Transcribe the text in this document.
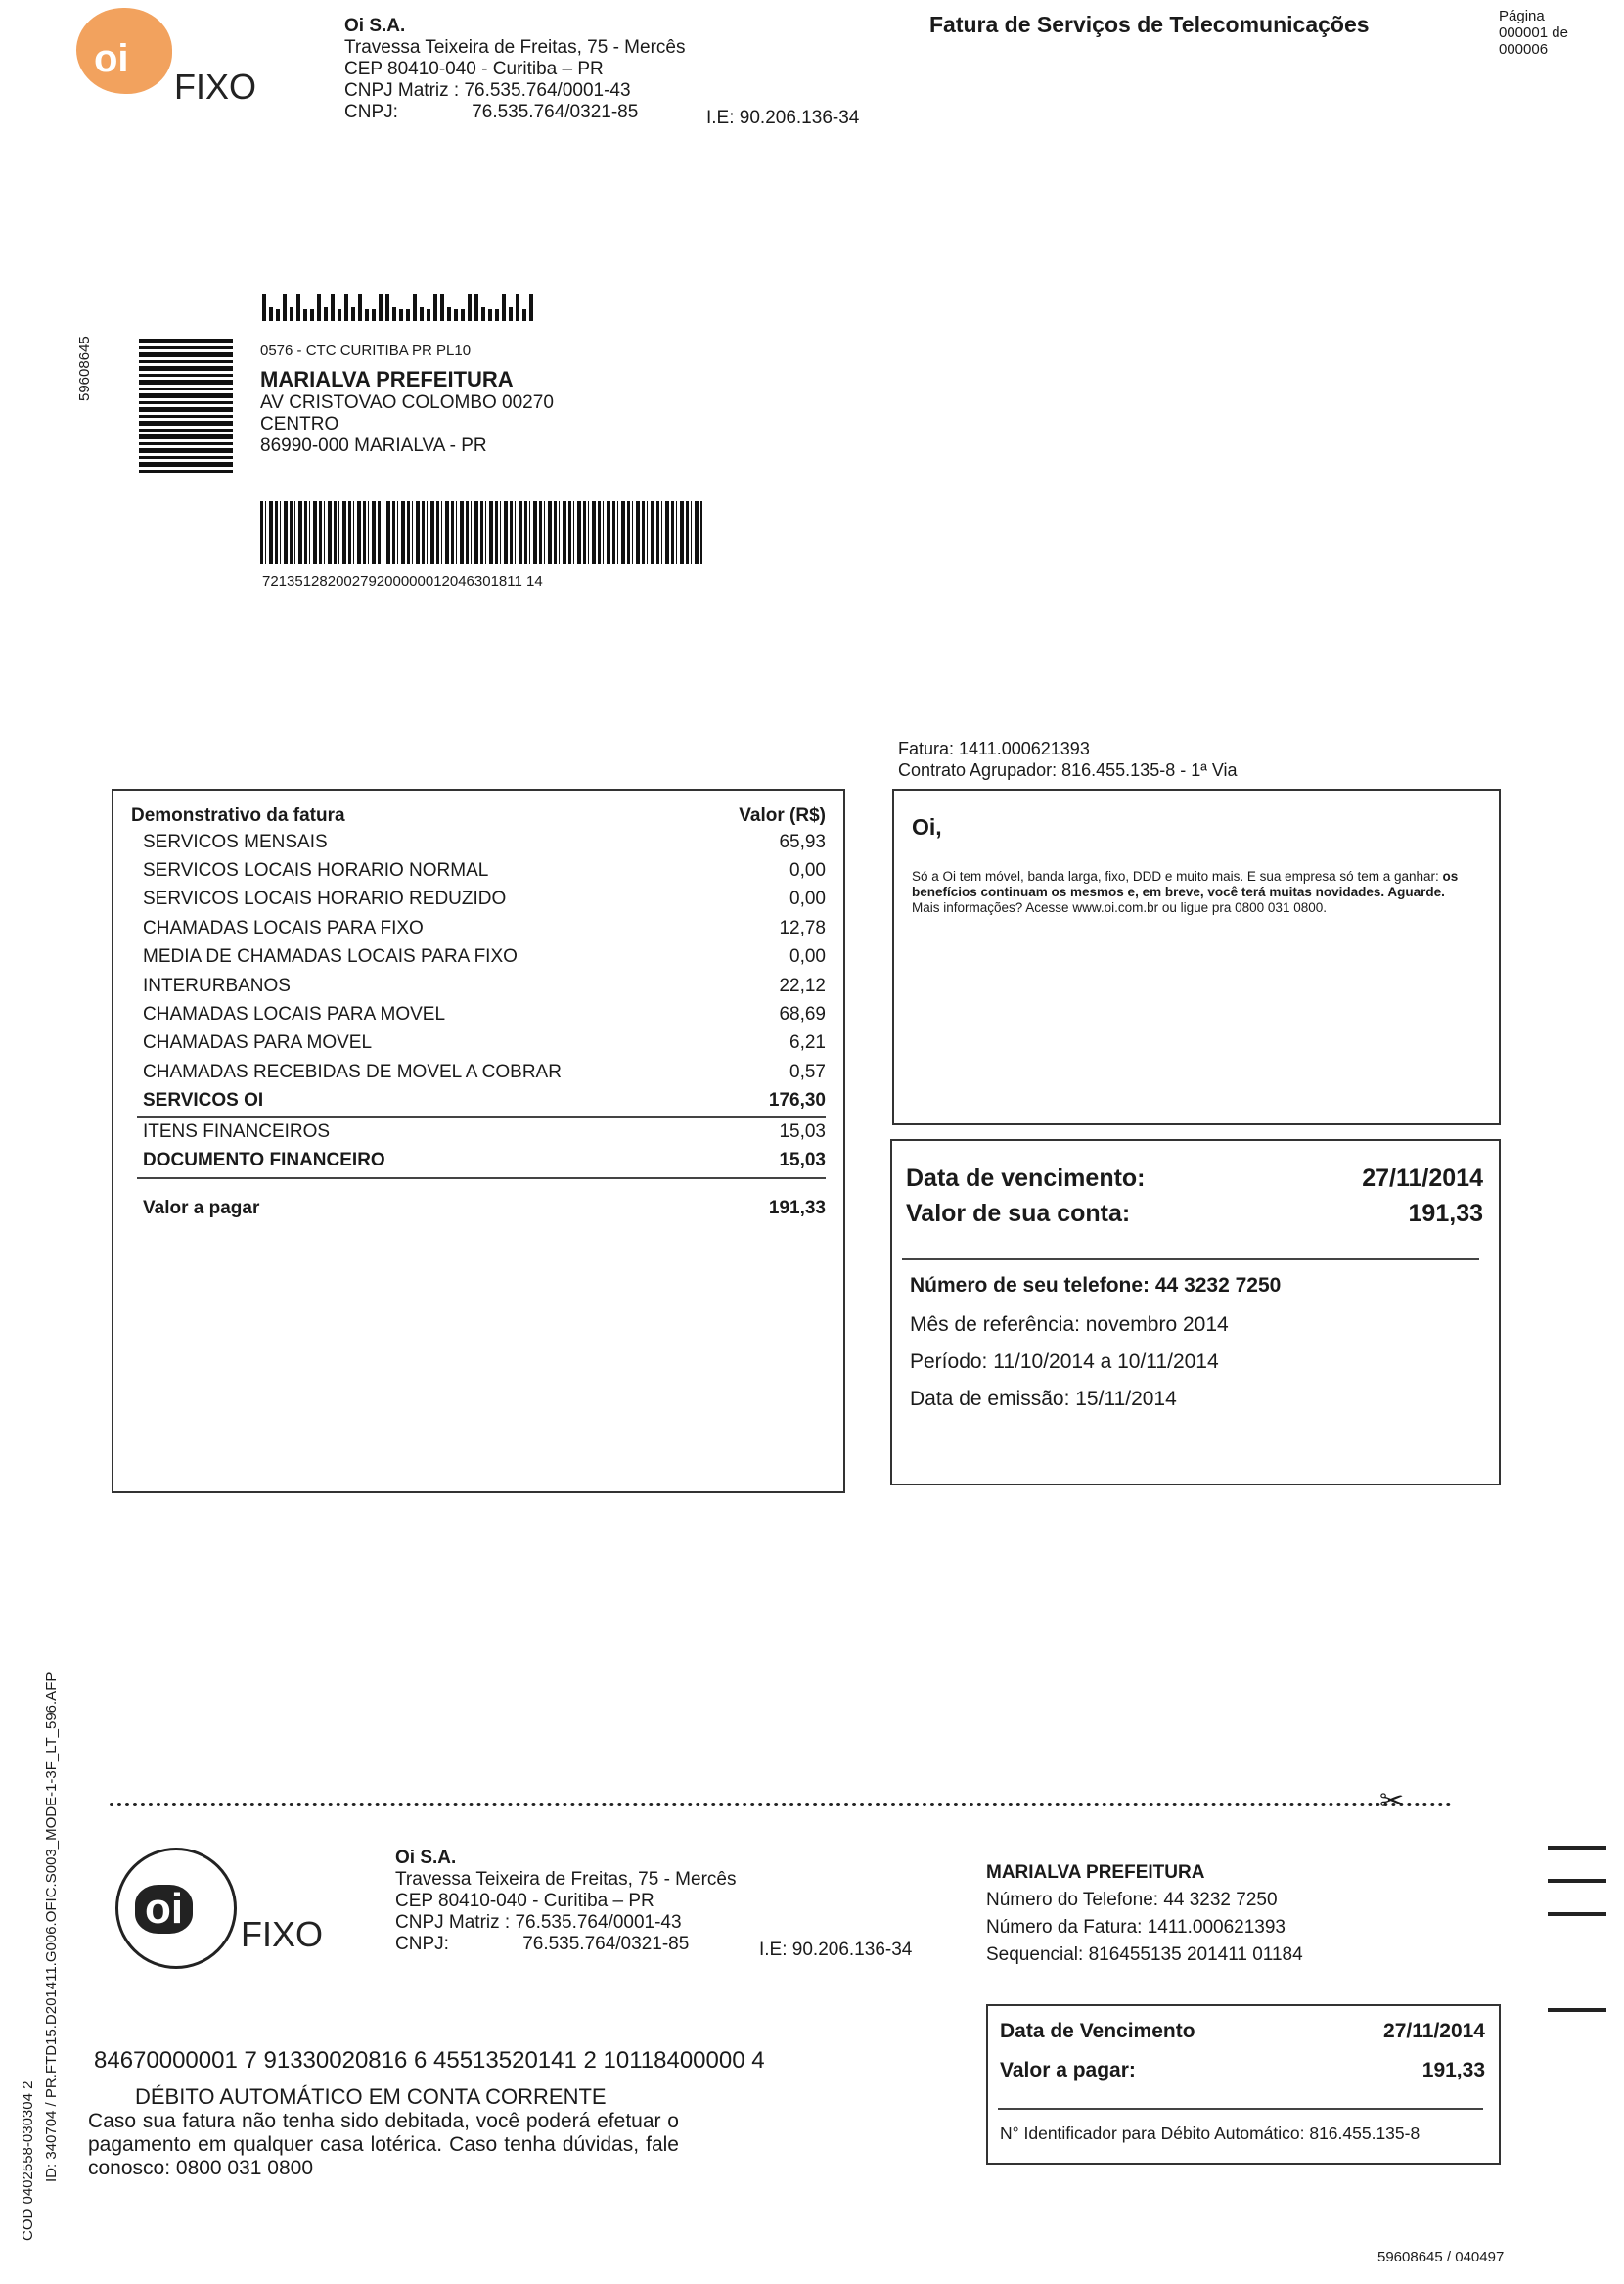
oi
FIXO
Oi S.A.
Travessa Teixeira de Freitas, 75 - Mercês
CEP 80410-040 - Curitiba – PR
CNPJ Matriz : 76.535.764/0001-43
CNPJ:	76.535.764/0321-85	I.E: 90.206.136-34
Fatura de Serviços de Telecomunicações	Página
000001 de
000006
59608645	0576 - CTC CURITIBA PR PL10
MARIALVA PREFEITURA
AV CRISTOVAO COLOMBO 00270
CENTRO
86990-000 MARIALVA - PR
72135128200279200000012046301811 14
Fatura: 1411.000621393
Contrato Agrupador: 816.455.135-8 - 1ª Via
Demonstrativo da fatura	Valor (R$)
SERVICOS MENSAIS	65,93
SERVICOS LOCAIS HORARIO NORMAL	0,00
SERVICOS LOCAIS HORARIO REDUZIDO	0,00
CHAMADAS LOCAIS PARA FIXO	12,78
MEDIA DE CHAMADAS LOCAIS PARA FIXO	0,00
INTERURBANOS	22,12
CHAMADAS LOCAIS PARA MOVEL	68,69
CHAMADAS PARA MOVEL	6,21
CHAMADAS RECEBIDAS DE MOVEL A COBRAR	0,57
SERVICOS OI	176,30
ITENS FINANCEIROS	15,03
DOCUMENTO FINANCEIRO	15,03
Valor a pagar	191,33
Oi,
Só a Oi tem móvel, banda larga, fixo, DDD e muito mais. E sua empresa só tem a ganhar: os benefícios continuam os mesmos e, em breve, você terá muitas novidades. Aguarde.
Mais informações? Acesse www.oi.com.br ou ligue pra 0800 031 0800.
Data de vencimento:	27/11/2014
Valor de sua conta:	191,33
Número de seu telefone: 44 3232 7250
Mês de referência: novembro 2014
Período: 11/10/2014 a 10/11/2014
Data de emissão: 15/11/2014
ID: 340704 / PR.FTD15.D201411.G006.OFIC.S003_MODE-1-3F_LT_596.AFP
COD 0402558-030304 2
✂
oi
FIXO
Oi S.A.
Travessa Teixeira de Freitas, 75 - Mercês
CEP 80410-040 - Curitiba – PR
CNPJ Matriz : 76.535.764/0001-43
CNPJ:	76.535.764/0321-85	I.E: 90.206.136-34
MARIALVA PREFEITURA
Número do Telefone: 44 3232 7250
Número da Fatura: 1411.000621393
Sequencial: 816455135 201411 01184
Data de Vencimento	27/11/2014
Valor a pagar:	191,33
N° Identificador para Débito Automático: 816.455.135-8
84670000001 7 91330020816 6 45513520141 2 10118400000 4
DÉBITO AUTOMÁTICO EM CONTA CORRENTE
Caso sua fatura não tenha sido debitada, você poderá efetuar o pagamento em qualquer casa lotérica. Caso tenha dúvidas, fale conosco: 0800 031 0800
59608645 / 040497
